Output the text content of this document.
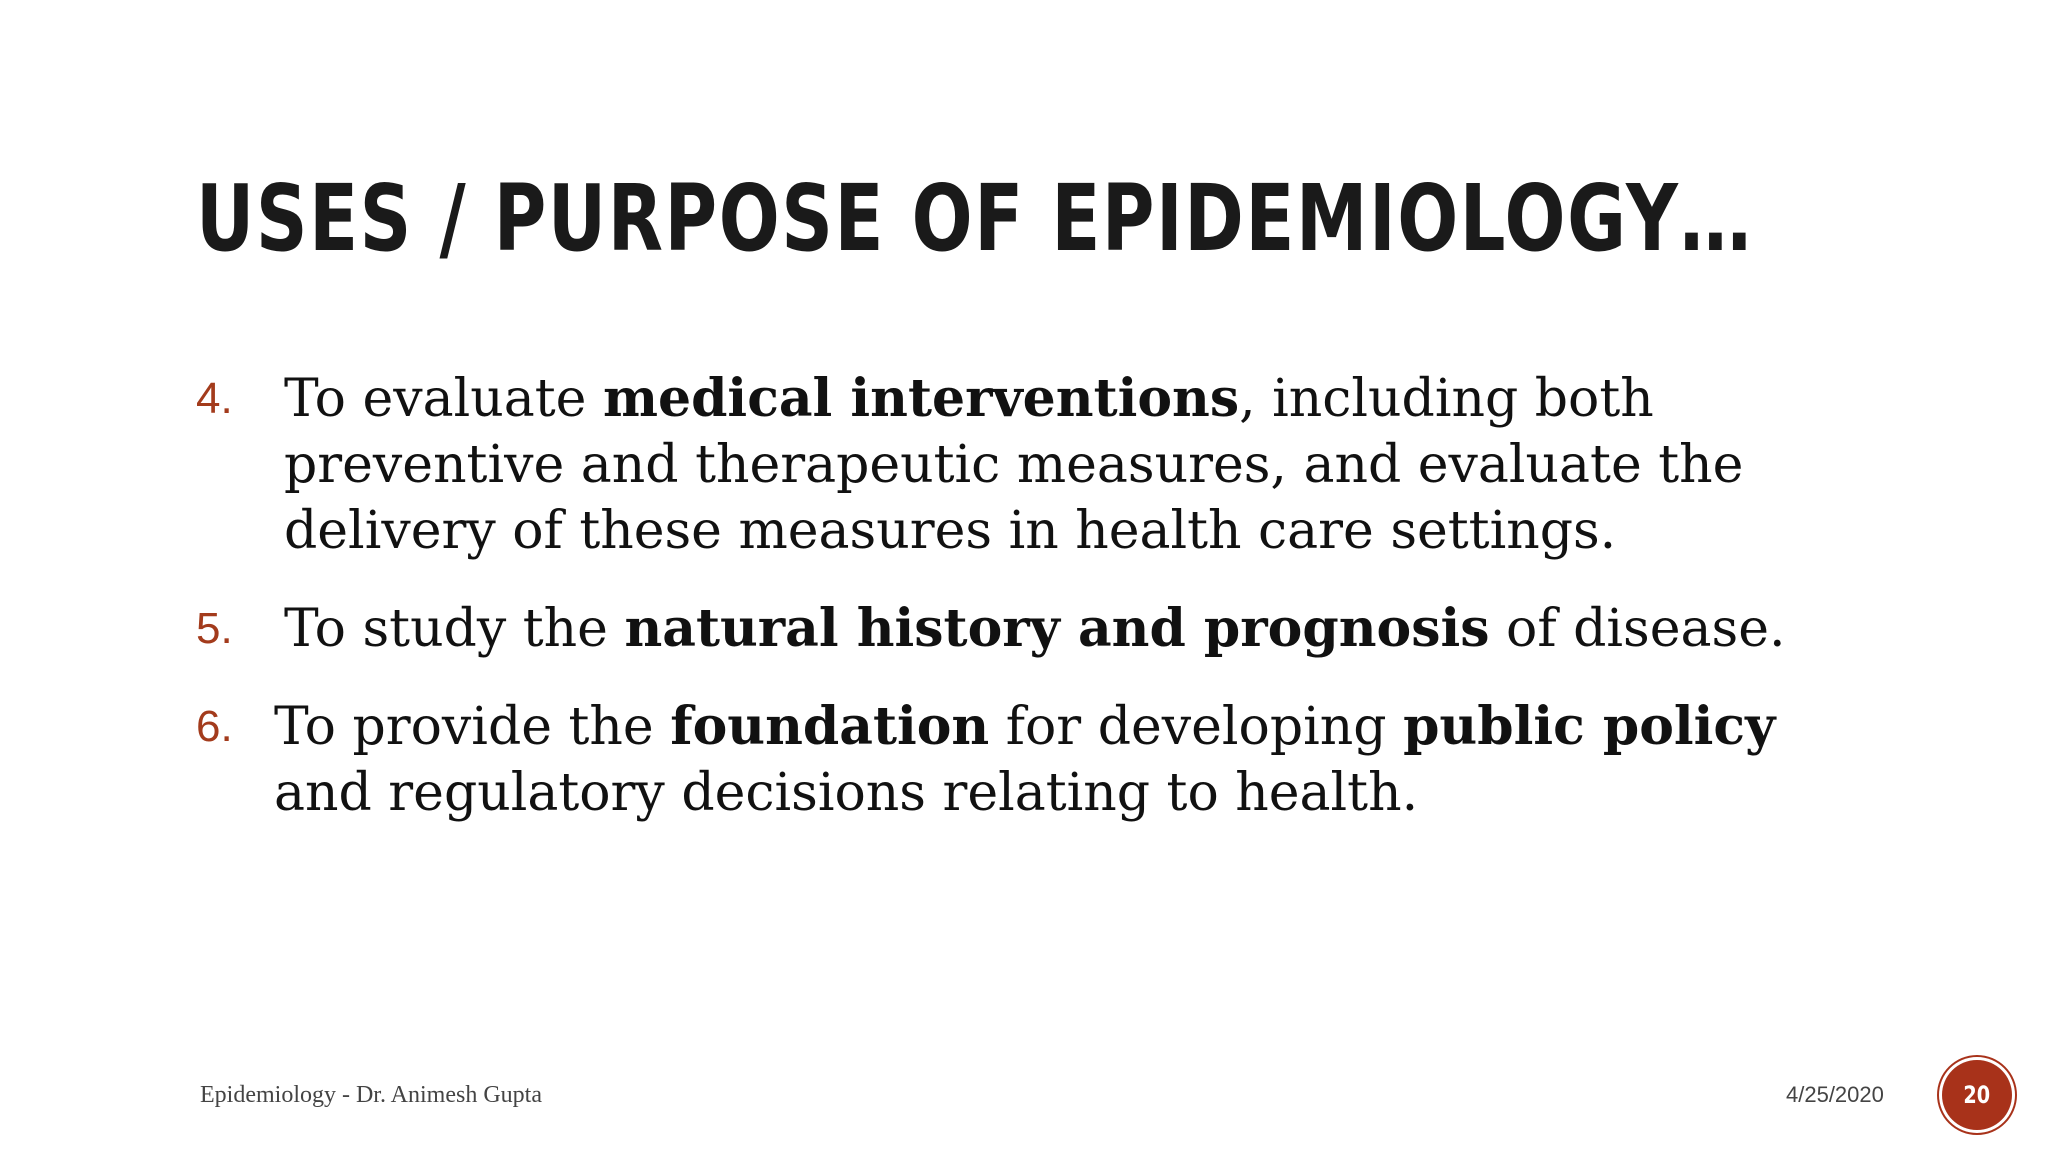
USES / PURPOSE OF EPIDEMIOLOGY…
4. To evaluate medical interventions, including both preventive and therapeutic measures, and evaluate the delivery of these measures in health care settings.
5. To study the natural history and prognosis of disease.
6. To provide the foundation for developing public policy and regulatory decisions relating to health.
Epidemiology - Dr. Animesh Gupta	4/25/2020	20
